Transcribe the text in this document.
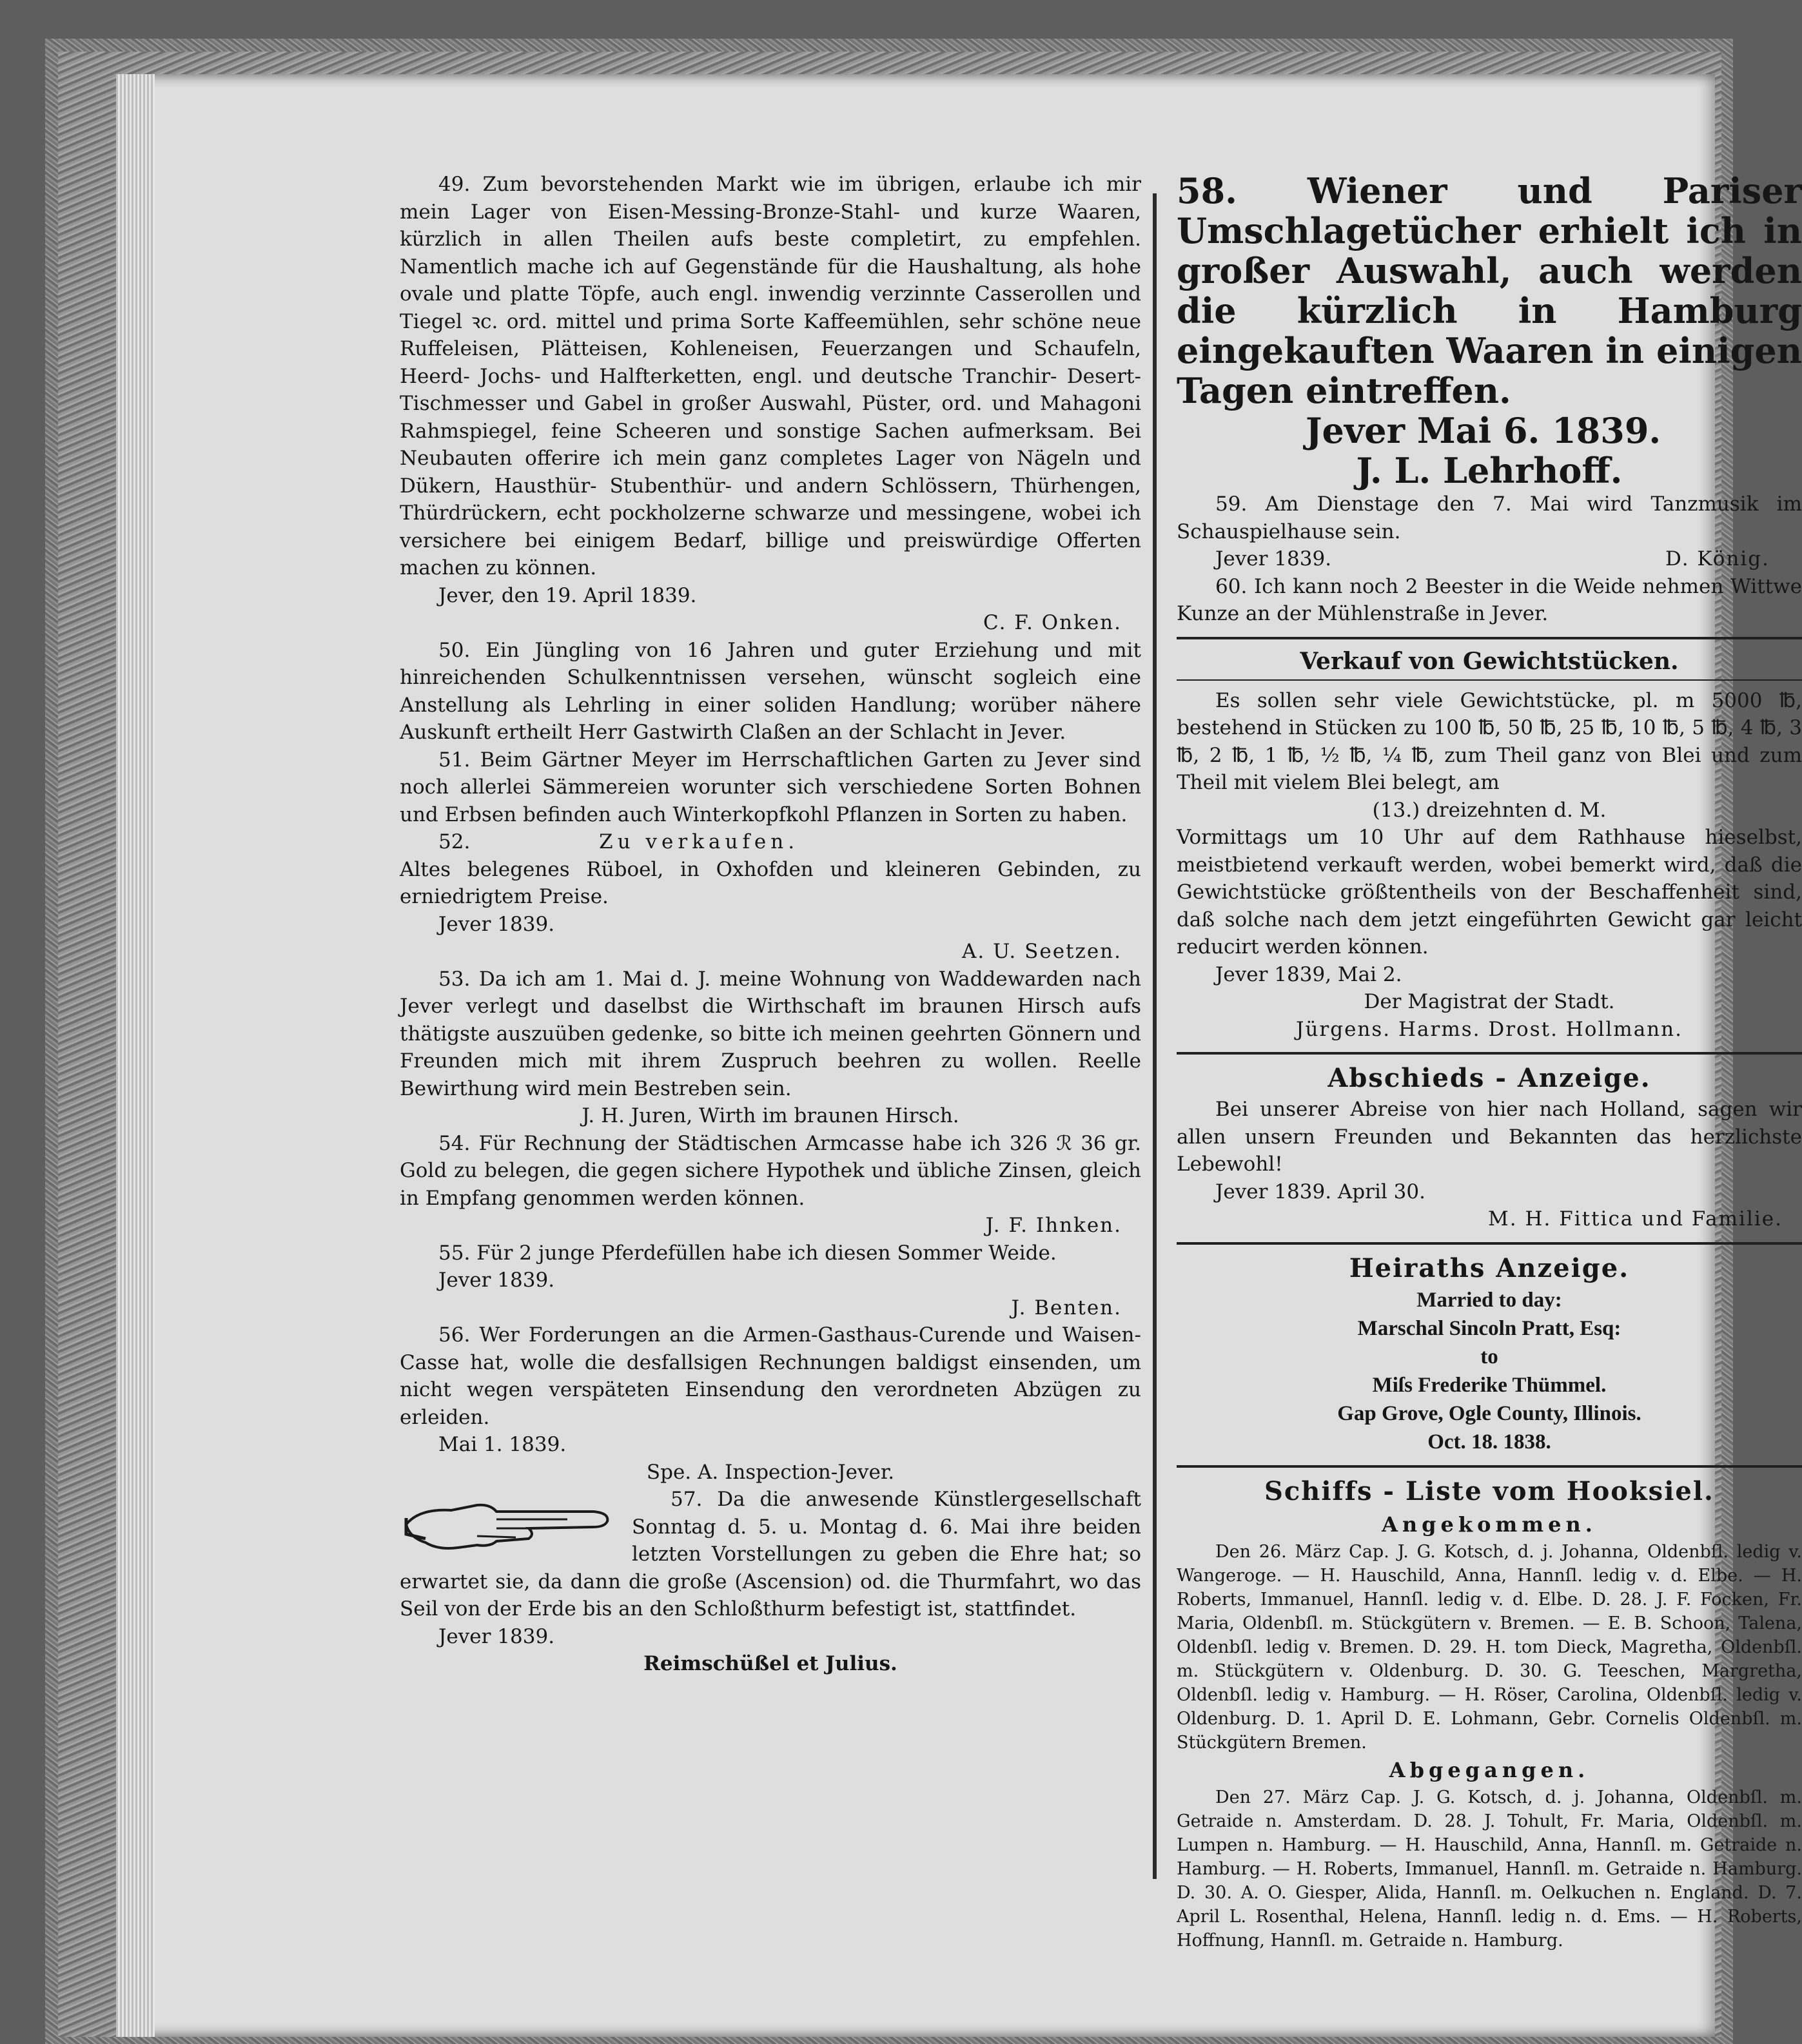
49. Zum bevorstehenden Markt wie im übrigen, erlaube ich mir mein Lager von Eisen-Messing-Bronze-Stahl- und kurze Waaren, kürzlich in allen Theilen aufs beste completirt, zu empfehlen. Namentlich mache ich auf Gegenstände für die Haushaltung, als hohe ovale und platte Töpfe, auch engl. inwendig verzinnte Casserollen und Tiegel ꝛc. ord. mittel und prima Sorte Kaffeemühlen, sehr schöne neue Ruffeleisen, Plätteisen, Kohleneisen, Feuerzangen und Schaufeln, Heerd- Jochs- und Halfterketten, engl. und deutsche Tranchir- Desert-Tischmesser und Gabel in großer Auswahl, Püster, ord. und Mahagoni Rahmspiegel, feine Scheeren und sonstige Sachen aufmerksam. Bei Neubauten offerire ich mein ganz completes Lager von Nägeln und Dükern, Hausthür- Stubenthür- und andern Schlössern, Thürhengen, Thürdrückern, echt pockholzerne schwarze und messingene, wobei ich versichere bei einigem Bedarf, billige und preiswürdige Offerten machen zu können.

Jever, den 19. April 1839.

C. F. Onken.

50. Ein Jüngling von 16 Jahren und guter Erziehung und mit hinreichenden Schulkenntnissen versehen, wünscht sogleich eine Anstellung als Lehrling in einer soliden Handlung; worüber nähere Auskunft ertheilt Herr Gastwirth Claßen an der Schlacht in Jever.

51. Beim Gärtner Meyer im Herrschaftlichen Garten zu Jever sind noch allerlei Sämmereien worunter sich verschiedene Sorten Bohnen und Erbsen befinden auch Winterkopfkohl Pflanzen in Sorten zu haben.

52.	Zu verkaufen.

Altes belegenes Rüboel, in Oxhofden und kleineren Gebinden, zu erniedrigtem Preise.

Jever 1839.

A. U. Seetzen.

53. Da ich am 1. Mai d. J. meine Wohnung von Waddewarden nach Jever verlegt und daselbst die Wirthschaft im braunen Hirsch aufs thätigste auszuüben gedenke, so bitte ich meinen geehrten Gönnern und Freunden mich mit ihrem Zuspruch beehren zu wollen. Reelle Bewirthung wird mein Bestreben sein.

J. H. Juren, Wirth im braunen Hirsch.

54. Für Rechnung der Städtischen Armcasse habe ich 326 ℛ 36 gr. Gold zu belegen, die gegen sichere Hypothek und übliche Zinsen, gleich in Empfang genommen werden können.

J. F. Ihnken.

55. Für 2 junge Pferdefüllen habe ich diesen Sommer Weide.

Jever 1839.

J. Benten.

56. Wer Forderungen an die Armen-Gasthaus-Curende und Waisen-Casse hat, wolle die desfallsigen Rechnungen baldigst einsenden, um nicht wegen verspäteten Einsendung den verordneten Abzügen zu erleiden.

Mai 1. 1839.

Spe. A. Inspection-Jever.

57. Da die anwesende Künstlergesellschaft Sonntag d. 5. u. Montag d. 6. Mai ihre beiden letzten Vorstellungen zu geben die Ehre hat; so erwartet sie, da dann die große (Ascension) od. die Thurmfahrt, wo das Seil von der Erde bis an den Schloßthurm befestigt ist, stattfindet.

Jever 1839.

Reimschüßel et Julius.

58. Wiener und Pariser Umschlagetücher erhielt ich in großer Auswahl, auch werden die kürzlich in Hamburg eingekauften Waaren in einigen Tagen eintreffen.

Jever Mai 6. 1839.

J. L. Lehrhoff.

59. Am Dienstage den 7. Mai wird Tanzmusik im Schauspielhause sein.

Jever 1839.	D. König.

60. Ich kann noch 2 Beester in die Weide nehmen Wittwe Kunze an der Mühlenstraße in Jever.

Verkauf von Gewichtstücken.

Es sollen sehr viele Gewichtstücke, pl. m 5000 ℔, bestehend in Stücken zu 100 ℔, 50 ℔, 25 ℔, 10 ℔, 5 ℔, 4 ℔, 3 ℔, 2 ℔, 1 ℔, ½ ℔, ¼ ℔, zum Theil ganz von Blei und zum Theil mit vielem Blei belegt, am

(13.) dreizehnten d. M.

Vormittags um 10 Uhr auf dem Rathhause hieselbst, meistbietend verkauft werden, wobei bemerkt wird, daß die Gewichtstücke größtentheils von der Beschaffenheit sind, daß solche nach dem jetzt eingeführten Gewicht gar leicht reducirt werden können.

Jever 1839, Mai 2.

Der Magistrat der Stadt.

Jürgens. Harms. Drost. Hollmann.

Abschieds - Anzeige.

Bei unserer Abreise von hier nach Holland, sagen wir allen unsern Freunden und Bekannten das herzlichste Lebewohl!

Jever 1839. April 30.

M. H. Fittica und Familie.

Heiraths Anzeige.

Married to day:

Marschal Sincoln Pratt, Esq:

to

Miſs Frederike Thümmel.

Gap Grove, Ogle County, Illinois.

Oct. 18. 1838.

Schiffs - Liste vom Hooksiel.

Angekommen.

Den 26. März Cap. J. G. Kotsch, d. j. Johanna, Oldenbſl. ledig v. Wangeroge. — H. Hauschild, Anna, Hannſl. ledig v. d. Elbe. — H. Roberts, Immanuel, Hannſl. ledig v. d. Elbe. D. 28. J. F. Focken, Fr. Maria, Oldenbſl. m. Stückgütern v. Bremen. — E. B. Schoon, Talena, Oldenbſl. ledig v. Bremen. D. 29. H. tom Dieck, Magretha, Oldenbſl. m. Stückgütern v. Oldenburg. D. 30. G. Teeschen, Margretha, Oldenbſl. ledig v. Hamburg. — H. Röser, Carolina, Oldenbſl. ledig v. Oldenburg. D. 1. April D. E. Lohmann, Gebr. Cornelis Oldenbſl. m. Stückgütern Bremen.

Abgegangen.

Den 27. März Cap. J. G. Kotsch, d. j. Johanna, Oldenbſl. m. Getraide n. Amsterdam. D. 28. J. Tohult, Fr. Maria, Oldenbſl. m. Lumpen n. Hamburg. — H. Hauschild, Anna, Hannſl. m. Getraide n. Hamburg. — H. Roberts, Immanuel, Hannſl. m. Getraide n. Hamburg. D. 30. A. O. Giesper, Alida, Hannſl. m. Oelkuchen n. England. D. 7. April L. Rosenthal, Helena, Hannſl. ledig n. d. Ems. — H. Roberts, Hoffnung, Hannſl. m. Getraide n. Hamburg.
